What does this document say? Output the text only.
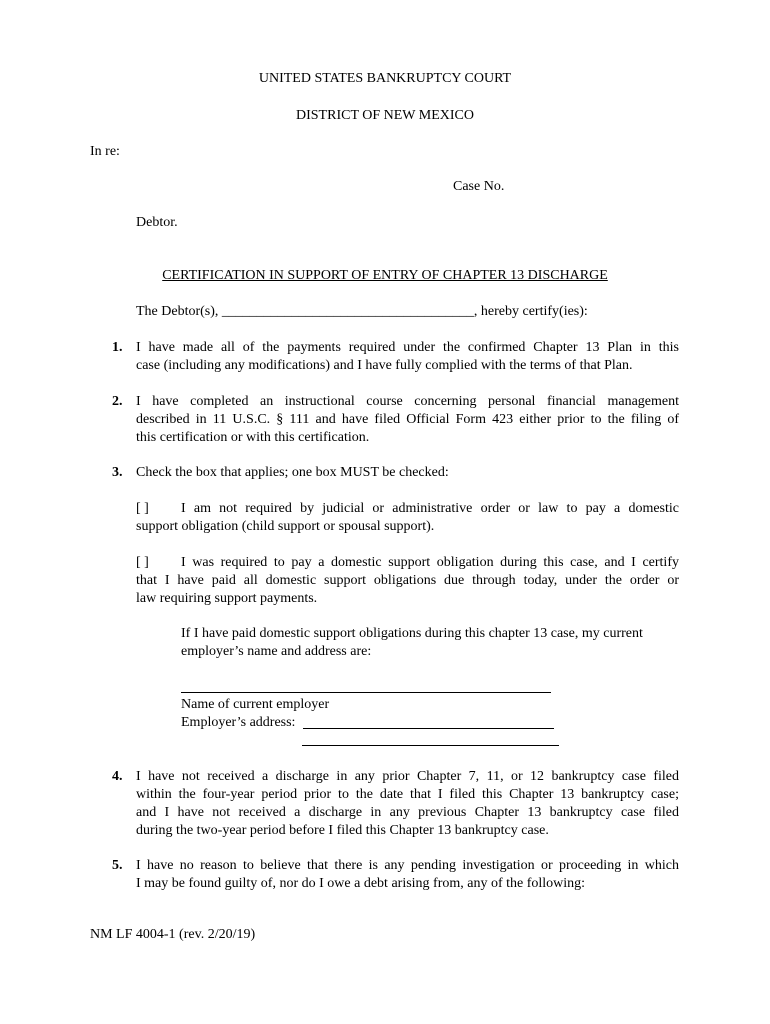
UNITED STATES BANKRUPTCY COURT
DISTRICT OF NEW MEXICO
In re:
Case No.
Debtor.
CERTIFICATION IN SUPPORT OF ENTRY OF CHAPTER 13 DISCHARGE
The Debtor(s), ____________________________________, hereby certify(ies):
1. I have made all of the payments required under the confirmed Chapter 13 Plan in this
case (including any modifications) and I have fully complied with the terms of that Plan.
2. I have completed an instructional course concerning personal financial management
described in 11 U.S.C. § 111 and have filed Official Form 423 either prior to the filing of
this certification or with this certification.
3. Check the box that applies; one box MUST be checked:
[ ]	I am not required by judicial or administrative order or law to pay a domestic
support obligation (child support or spousal support).
[ ]	I was required to pay a domestic support obligation during this case, and I certify
that I have paid all domestic support obligations due through today, under the order or
law requiring support payments.
If I have paid domestic support obligations during this chapter 13 case, my current
employer’s name and address are:
Name of current employer
Employer’s address:
4. I have not received a discharge in any prior Chapter 7, 11, or 12 bankruptcy case filed
within the four-year period prior to the date that I filed this Chapter 13 bankruptcy case;
and I have not received a discharge in any previous Chapter 13 bankruptcy case filed
during the two-year period before I filed this Chapter 13 bankruptcy case.
5. I have no reason to believe that there is any pending investigation or proceeding in which
I may be found guilty of, nor do I owe a debt arising from, any of the following:
NM LF 4004-1 (rev. 2/20/19)
